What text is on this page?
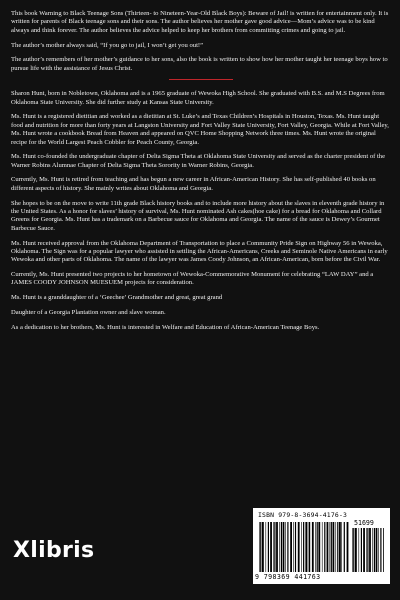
This book Warning to Black Teenage Sons (Thirteen- to Nineteen-Year-Old Black Boys): Beware of Jail! is written for entertainment only. It is written for parents of Black teenage sons and their sons. The author believes her mother gave good advice—Mom’s advice was to be kind always and think forever. The author believes the advice helped to keep her brothers from committing crimes and going to jail.

The author’s mother always said, “If you go to jail, I won’t get you out!”

The author’s remembers of her mother’s guidance to her sons, also the book is written to show how her mother taught her teenage boys how to pursue life with the assistance of Jesus Christ.

Sharon Hunt, born in Nobletown, Oklahoma and is a 1965 graduate of Wewoka High School. She graduated with B.S. and M.S Degrees from Oklahoma State University. She did further study at Kansas State University.

Ms. Hunt is a registered dietitian and worked as a dietitian at St. Luke’s and Texas Children’s Hospitals in Houston, Texas. Ms. Hunt taught food and nutrition for more than forty years at Langston University and Fort Valley State University, Fort Valley, Georgia. While at Fort Valley, Ms. Hunt wrote a cookbook Bread from Heaven and appeared on QVC Home Shopping Network three times. Ms. Hunt wrote the original recipe for the World Largest Peach Cobbler for Peach County, Georgia.

Ms. Hunt co-founded the undergraduate chapter of Delta Sigma Theta at Oklahoma State University and served as the charter president of the Warner Robins Alumnae Chapter of Delta Sigma Theta Sorority in Warner Robins, Georgia.

Currently, Ms. Hunt is retired from teaching and has begun a new career in African-American History. She has self-published 40 books on different aspects of history. She mainly writes about Oklahoma and Georgia.

She hopes to be on the move to write 11th grade Black history books and to include more history about the slaves in eleventh grade history in the United States. As a honor for slaves’ history of survival, Ms. Hunt nominated Ash cakes(hoe cake) for a bread for Oklahoma and Collard Greens for Georgia. Ms. Hunt has a trademark on a Barbecue sauce for Oklahoma and Georgia. The name of the sauce is Dewey’s Gourmet Barbecue Sauce.

Ms. Hunt received approval from the Oklahoma Department of Transportation to place a Community Pride Sign on Highway 56 in Wewoka, Oklahoma. The Sign was for a popular lawyer who assisted in settling the African-Americans, Creeks and Seminole Native Americans in early Wewoka and other parts of Oklahoma. The name of the lawyer was James Coody Johnson, an African-American, born before the Civil War.

Currently, Ms. Hunt presented two projects to her hometown of Wewoka-Commemorative Monument for celebrating “LAW DAY” and a JAMES COODY JOHNSON MUESUEM projects for consideration.

Ms. Hunt is a granddaughter of a ‘Geechee’ Grandmother and great, great grand

Daughter of a Georgia Plantation owner and slave woman.

As a dedication to her brothers, Ms. Hunt is interested in Welfare and Education of African-American Teenage Boys.

Xlibris
ISBN 979-8-3694-4176-3
51699
9 798369 441763
